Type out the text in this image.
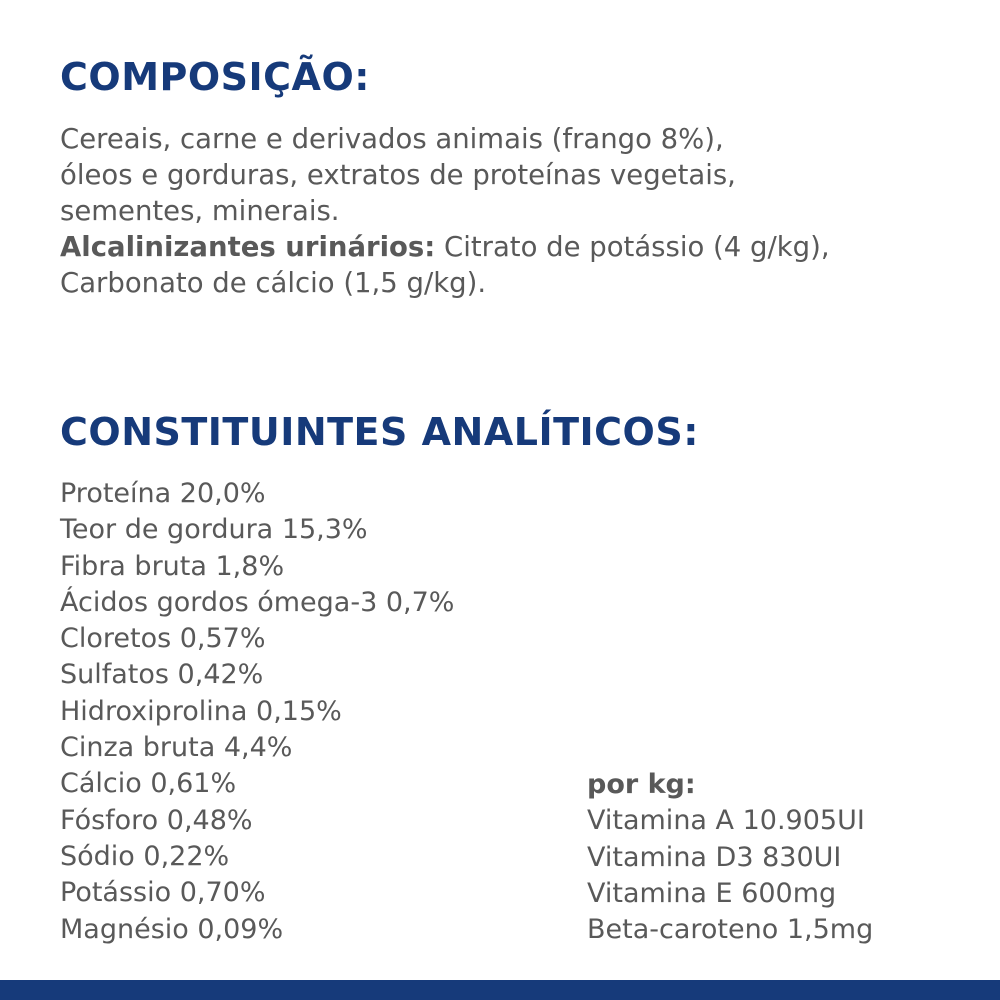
COMPOSIÇÃO:
Cereais, carne e derivados animais (frango 8%),
óleos e gorduras, extratos de proteínas vegetais,
sementes, minerais.
Alcalinizantes urinários: Citrato de potássio (4 g/kg),
Carbonato de cálcio (1,5 g/kg).
CONSTITUINTES ANALÍTICOS:
Proteína 20,0%
Teor de gordura 15,3%
Fibra bruta 1,8%
Ácidos gordos ómega-3 0,7%
Cloretos 0,57%
Sulfatos 0,42%
Hidroxiprolina 0,15%
Cinza bruta 4,4%
Cálcio 0,61%
Fósforo 0,48%
Sódio 0,22%
Potássio 0,70%
Magnésio 0,09%
por kg:
Vitamina A 10.905UI
Vitamina D3 830UI
Vitamina E 600mg
Beta-caroteno 1,5mg
